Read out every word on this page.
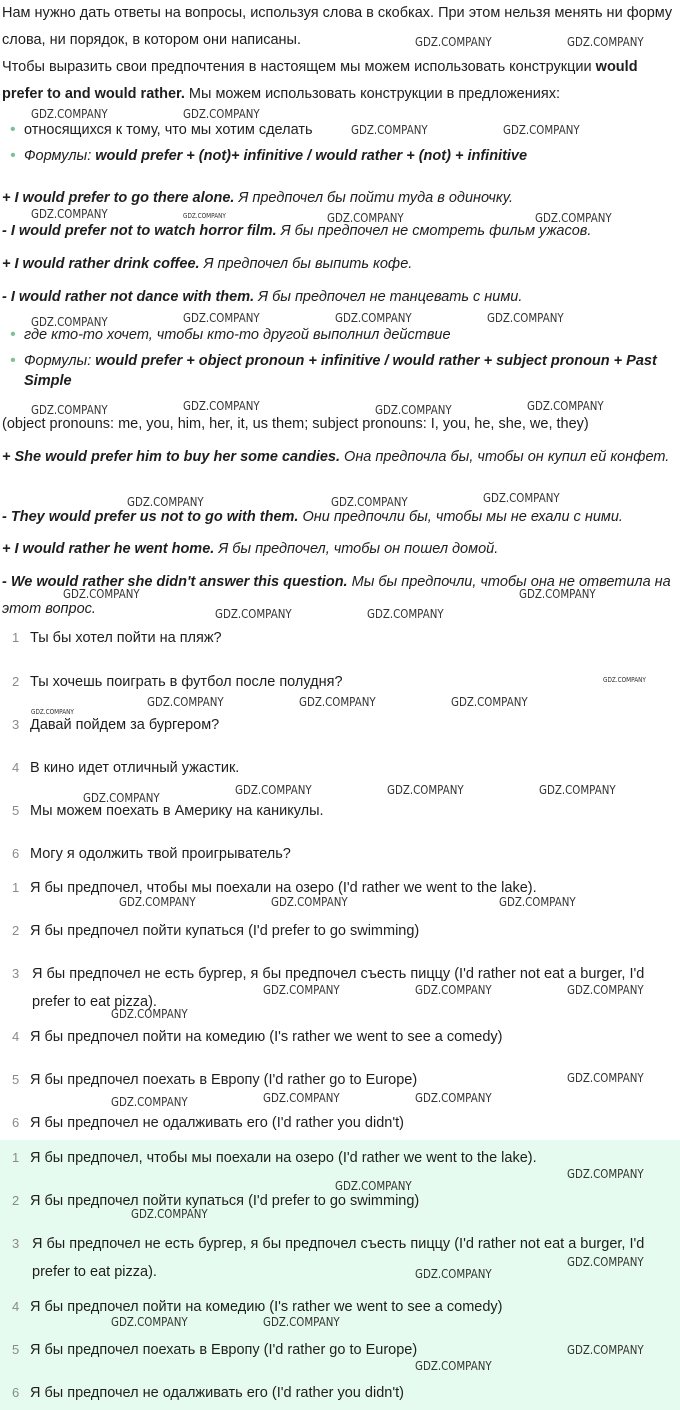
Нам нужно дать ответы на вопросы, используя слова в скобках. При этом нельзя менять ни форму слова, ни порядок, в котором они написаны.

Чтобы выразить свои предпочтения в настоящем мы можем использовать конструкции would prefer to and would rather. Мы можем использовать конструкции в предложениях:

• относящихся к тому, что мы хотим сделать

• Формулы: would prefer + (not)+ infinitive / would rather + (not) + infinitive

+ I would prefer to go there alone. Я предпочел бы пойти туда в одиночку.

- I would prefer not to watch horror film. Я бы предпочел не смотреть фильм ужасов.

+ I would rather drink coffee. Я предпочел бы выпить кофе.

- I would rather not dance with them. Я бы предпочел не танцевать с ними.

• где кто-то хочет, чтобы кто-то другой выполнил действие

• Формулы: would prefer + object pronoun + infinitive / would rather + subject pronoun + Past Simple

(object pronouns: me, you, him, her, it, us them; subject pronouns: I, you, he, she, we, they)

+ She would prefer him to buy her some candies. Она предпочла бы, чтобы он купил ей конфет.

- They would prefer us not to go with them. Они предпочли бы, чтобы мы не ехали с ними.

+ I would rather he went home. Я бы предпочел, чтобы он пошел домой.

- We would rather she didn't answer this question. Мы бы предпочли, чтобы она не ответила на этот вопрос.

1 Ты бы хотел пойти на пляж?
2 Ты хочешь поиграть в футбол после полудня?
3 Давай пойдем за бургером?
4 В кино идет отличный ужастик.
5 Мы можем поехать в Америку на каникулы.
6 Могу я одолжить твой проигрыватель?
1 Я бы предпочел, чтобы мы поехали на озеро (I'd rather we went to the lake).
2 Я бы предпочел пойти купаться (I'd prefer to go swimming)
3 Я бы предпочел не есть бургер, я бы предпочел съесть пиццу (I'd rather not eat a burger, I'd prefer to eat pizza).
4 Я бы предпочел пойти на комедию (I's rather we went to see a comedy)
5 Я бы предпочел поехать в Европу (I'd rather go to Europe)
6 Я бы предпочел не одалживать его (I'd rather you didn't)
1 Я бы предпочел, чтобы мы поехали на озеро (I'd rather we went to the lake).
2 Я бы предпочел пойти купаться (I'd prefer to go swimming)
3 Я бы предпочел не есть бургер, я бы предпочел съесть пиццу (I'd rather not eat a burger, I'd prefer to eat pizza).
4 Я бы предпочел пойти на комедию (I's rather we went to see a comedy)
5 Я бы предпочел поехать в Европу (I'd rather go to Europe)
6 Я бы предпочел не одалживать его (I'd rather you didn't)
GDZ.COMPANY	GDZ.COMPANY
GDZ.COMPANY	GDZ.COMPANY
GDZ.COMPANY	GDZ.COMPANY
GDZ.COMPANY	GDZ.COMPANY	GDZ.COMPANY	GDZ.COMPANY
GDZ.COMPANY	GDZ.COMPANY	GDZ.COMPANY	GDZ.COMPANY
GDZ.COMPANY	GDZ.COMPANY	GDZ.COMPANY	GDZ.COMPANY
GDZ.COMPANY	GDZ.COMPANY	GDZ.COMPANY
GDZ.COMPANY	GDZ.COMPANY
GDZ.COMPANY	GDZ.COMPANY
GDZ.COMPANY
GDZ.COMPANY	GDZ.COMPANY	GDZ.COMPANY
GDZ.COMPANY
GDZ.COMPANY	GDZ.COMPANY	GDZ.COMPANY
GDZ.COMPANY
GDZ.COMPANY	GDZ.COMPANY	GDZ.COMPANY
GDZ.COMPANY	GDZ.COMPANY	GDZ.COMPANY
GDZ.COMPANY
GDZ.COMPANY
GDZ.COMPANY	GDZ.COMPANY	GDZ.COMPANY
GDZ.COMPANY
GDZ.COMPANY
GDZ.COMPANY
GDZ.COMPANY
GDZ.COMPANY
GDZ.COMPANY	GDZ.COMPANY
GDZ.COMPANY
GDZ.COMPANY
